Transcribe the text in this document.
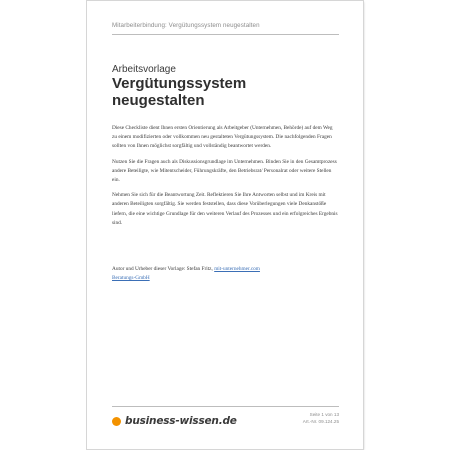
Mitarbeiterbindung: Vergütungssystem neugestalten
Arbeitsvorlage
Vergütungssystem
neugestalten

Diese Checkliste dient Ihnen ersten Orientierung als Arbeitgeber (Unternehmen, Behörde) auf dem Weg zu einem modifizierten oder vollkommen neu gestalteten Vergütungssystem. Die nachfolgenden Fragen sollten von Ihnen möglichst sorgfältig und vollständig beantwortet werden.

Nutzen Sie die Fragen auch als Diskussionsgrundlage im Unternehmen. Binden Sie in den Gesamtprozess andere Beteiligte, wie Mitentscheider, Führungskräfte, den Betriebsrat/ Personalrat oder weitere Stellen ein.

Nehmen Sie sich für die Beantwortung Zeit. Reflektieren Sie Ihre Antworten selbst und im Kreis mit anderen Beteiligten sorgfältig. Sie werden feststellen, dass diese Vorüberlegungen viele Denkanstöße liefern, die eine wichtige Grundlage für den weiteren Verlauf des Prozesses und ein erfolgreiches Ergebnis sind.

Autor und Urheber dieser Vorlage: Stefan Fritz, mit-unternehmer.com
Beratungs-GmbH
business-wissen.de
Seite 1 von 13
Art.-Nr. 09.124.25
